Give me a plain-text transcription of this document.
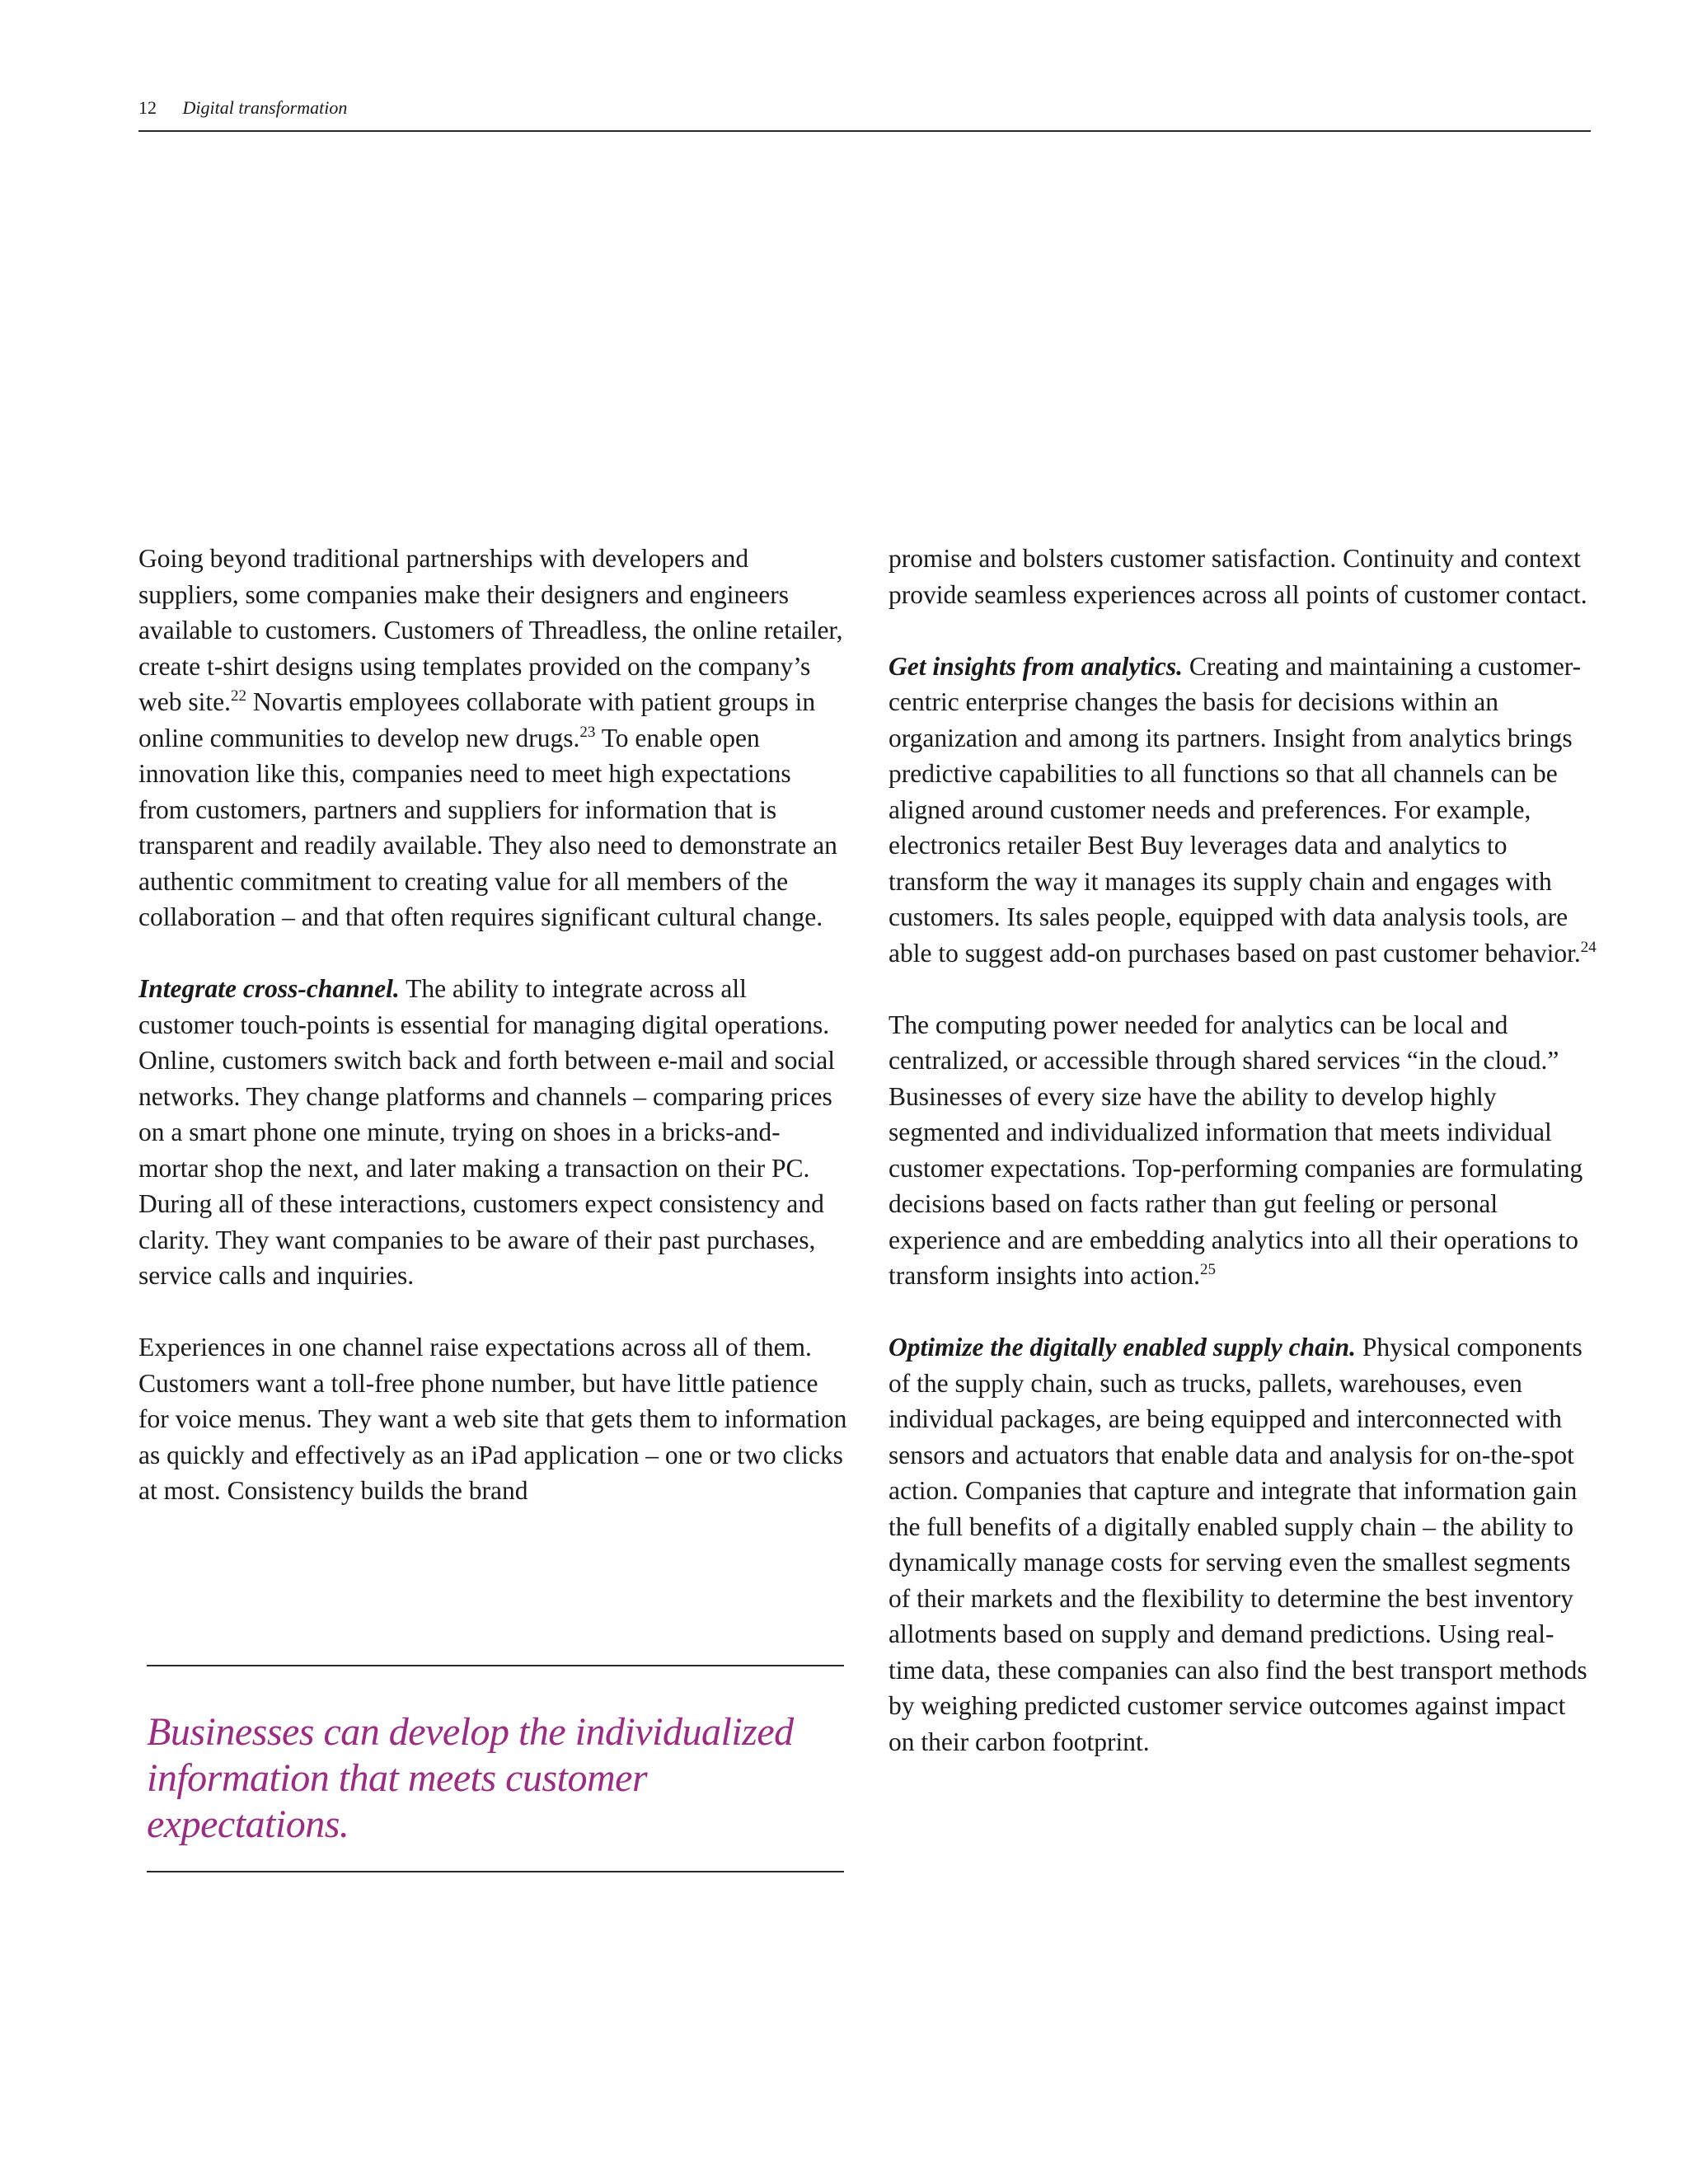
12 Digital transformation

Going beyond traditional partnerships with developers and suppliers, some companies make their designers and engineers available to customers. Customers of Threadless, the online retailer, create t-shirt designs using templates provided on the company’s web site.$^{22}$ Novartis employees collaborate with patient groups in online communities to develop new drugs.$^{23}$ To enable open innovation like this, companies need to meet high expectations from customers, partners and suppliers for information that is transparent and readily available. They also need to demonstrate an authentic commitment to creating value for all members of the collaboration – and that often requires significant cultural change.

Integrate cross-channel. The ability to integrate across all customer touch-points is essential for managing digital operations. Online, customers switch back and forth between e-mail and social networks. They change platforms and channels – comparing prices on a smart phone one minute, trying on shoes in a bricks-and-mortar shop the next, and later making a transaction on their PC. During all of these interactions, customers expect consistency and clarity. They want companies to be aware of their past purchases, service calls and inquiries.

Experiences in one channel raise expectations across all of them. Customers want a toll-free phone number, but have little patience for voice menus. They want a web site that gets them to information as quickly and effectively as an iPad application – one or two clicks at most. Consistency builds the brand

Businesses can develop the individualized information that meets customer expectations.

promise and bolsters customer satisfaction. Continuity and context provide seamless experiences across all points of customer contact.

Get insights from analytics. Creating and maintaining a customer-centric enterprise changes the basis for decisions within an organization and among its partners. Insight from analytics brings predictive capabilities to all functions so that all channels can be aligned around customer needs and preferences. For example, electronics retailer Best Buy leverages data and analytics to transform the way it manages its supply chain and engages with customers. Its sales people, equipped with data analysis tools, are able to suggest add-on purchases based on past customer behavior.$^{24}$

The computing power needed for analytics can be local and centralized, or accessible through shared services “in the cloud.” Businesses of every size have the ability to develop highly segmented and individualized information that meets individual customer expectations. Top-performing companies are formulating decisions based on facts rather than gut feeling or personal experience and are embedding analytics into all their operations to transform insights into action.$^{25}$

Optimize the digitally enabled supply chain. Physical components of the supply chain, such as trucks, pallets, warehouses, even individual packages, are being equipped and interconnected with sensors and actuators that enable data and analysis for on-the-spot action. Companies that capture and integrate that information gain the full benefits of a digitally enabled supply chain – the ability to dynamically manage costs for serving even the smallest segments of their markets and the flexibility to determine the best inventory allotments based on supply and demand predictions. Using real-time data, these companies can also find the best transport methods by weighing predicted customer service outcomes against impact on their carbon footprint.
